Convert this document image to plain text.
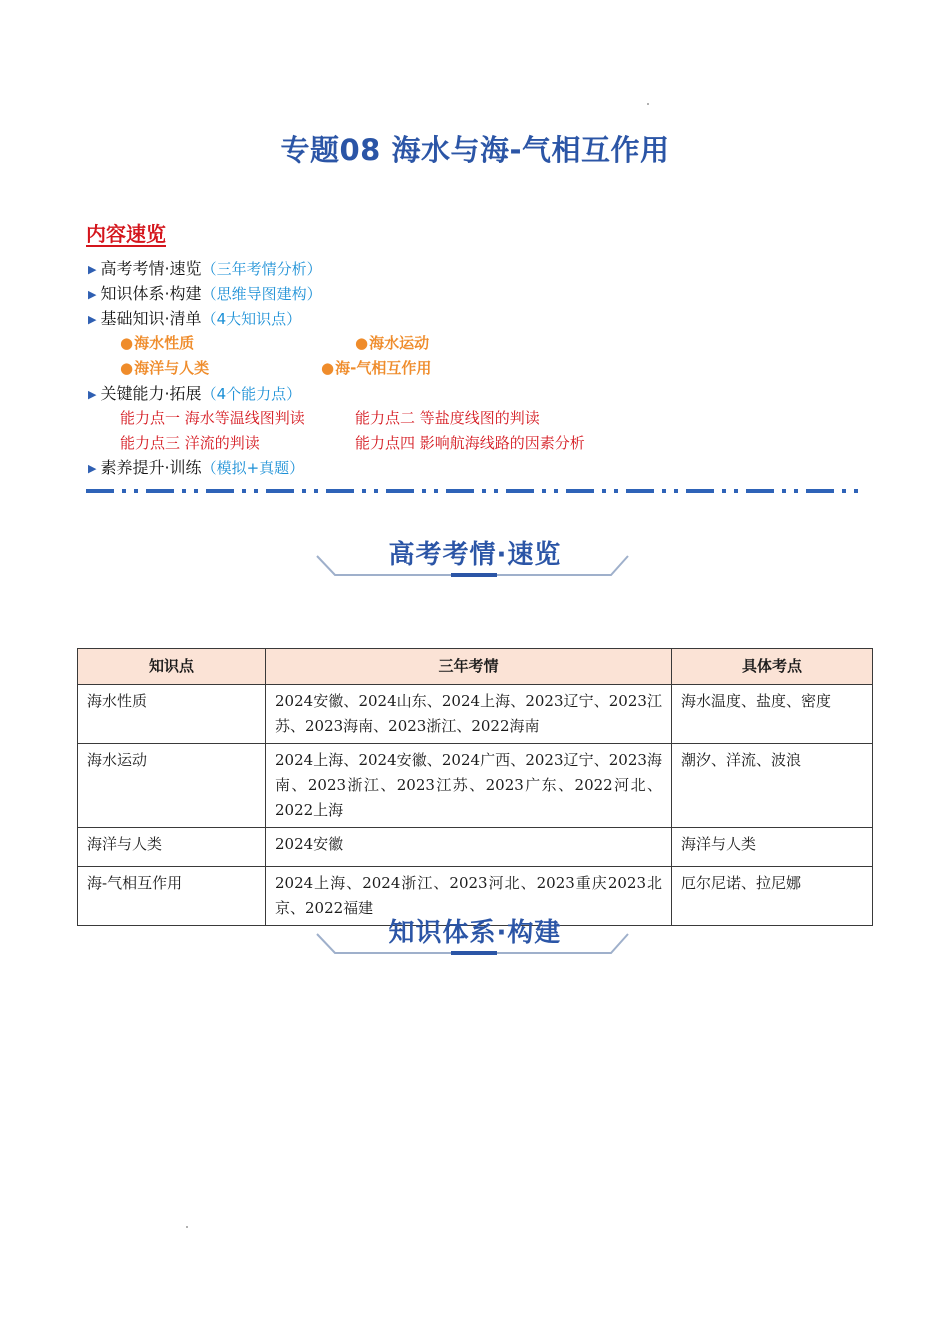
专题08 海水与海-气相互作用
内容速览
▶ 高考考情·速览（三年考情分析）
▶ 知识体系·构建（思维导图建构）
▶ 基础知识·清单（4大知识点）
●海水性质	●海水运动
●海洋与人类	●海-气相互作用
▶ 关键能力·拓展（4个能力点）
能力点一 海水等温线图判读	能力点二 等盐度线图的判读
能力点三 洋流的判读	能力点四 影响航海线路的因素分析
▶ 素养提升·训练（模拟+真题）
高考考情·速览
知识点	三年考情	具体考点
海水性质	2024安徽、2024山东、2024上海、2023辽宁、2023江苏、2023海南、2023浙江、2022海南	海水温度、盐度、密度
海水运动	2024上海、2024安徽、2024广西、2023辽宁、2023海南、2023浙江、2023江苏、2023广东、2022河北、2022上海	潮汐、洋流、波浪
海洋与人类	2024安徽	海洋与人类
海-气相互作用	2024上海、2024浙江、2023河北、2023重庆2023北京、2022福建	厄尔尼诺、拉尼娜
知识体系·构建
